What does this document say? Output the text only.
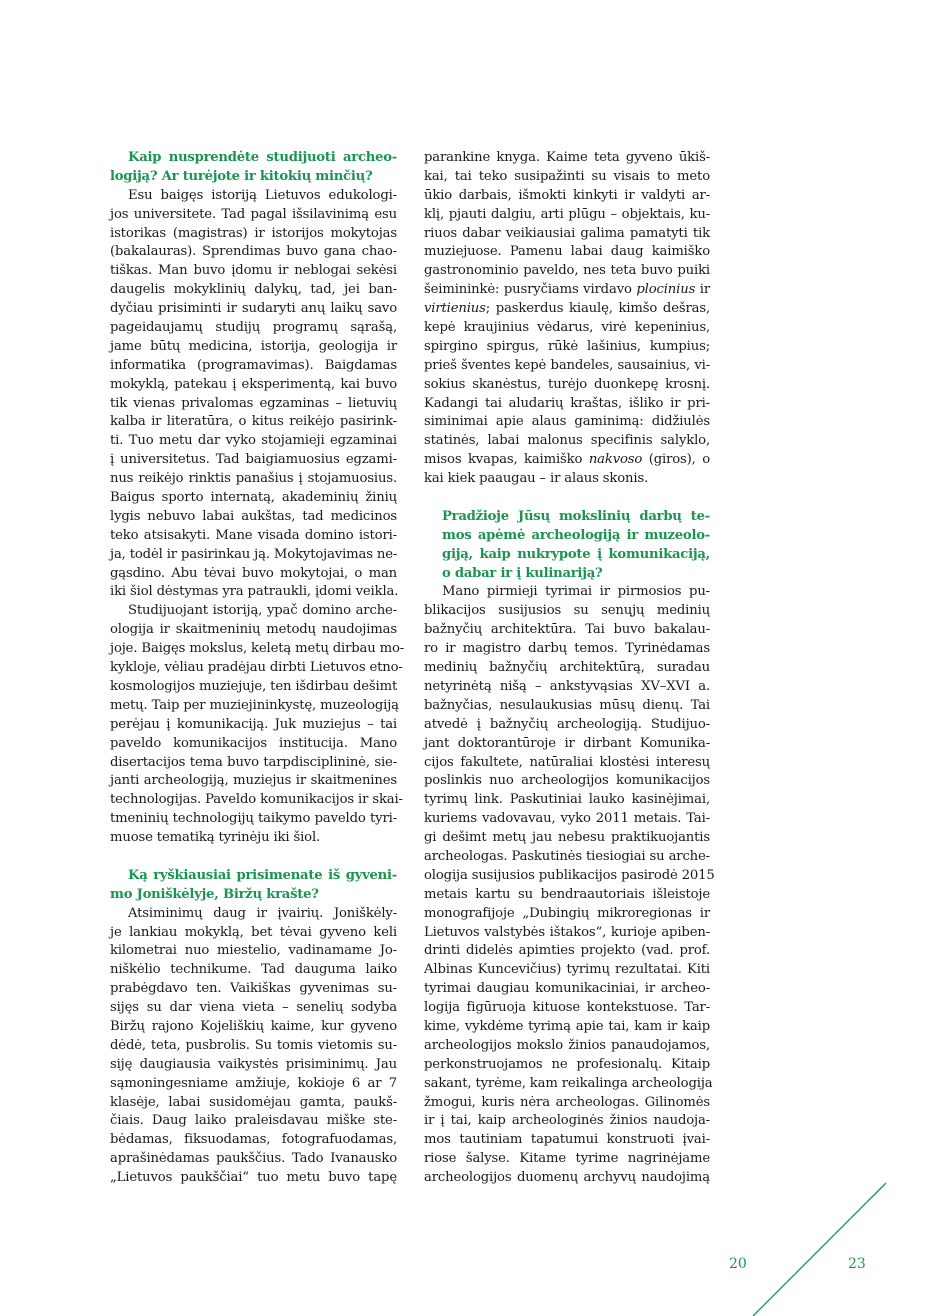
Kaip nusprendėte studijuoti archeo-
logiją? Ar turėjote ir kitokių minčių?
Esu baigęs istoriją Lietuvos edukologi-
jos universitete. Tad pagal išsilavinimą esu
istorikas (magistras) ir istorijos mokytojas
(bakalauras). Sprendimas buvo gana chao-
tiškas. Man buvo įdomu ir neblogai sekėsi
daugelis mokyklinių dalykų, tad, jei ban-
dyčiau prisiminti ir sudaryti anų laikų savo
pageidaujamų studijų programų sąrašą,
jame būtų medicina, istorija, geologija ir
informatika (programavimas). Baigdamas
mokyklą, patekau į eksperimentą, kai buvo
tik vienas privalomas egzaminas – lietuvių
kalba ir literatūra, o kitus reikėjo pasirink-
ti. Tuo metu dar vyko stojamieji egzaminai
į universitetus. Tad baigiamuosius egzami-
nus reikėjo rinktis panašius į stojamuosius.
Baigus sporto internatą, akademinių žinių
lygis nebuvo labai aukštas, tad medicinos
teko atsisakyti. Mane visada domino istori-
ja, todėl ir pasirinkau ją. Mokytojavimas ne-
gąsdino. Abu tėvai buvo mokytojai, o man
iki šiol dėstymas yra patraukli, įdomi veikla.
Studijuojant istoriją, ypač domino arche-
ologija ir skaitmeninių metodų naudojimas
joje. Baigęs mokslus, keletą metų dirbau mo-
kykloje, vėliau pradėjau dirbti Lietuvos etno-
kosmologijos muziejuje, ten išdirbau dešimt
metų. Taip per muziejininkystę, muzeologiją
perėjau į komunikaciją. Juk muziejus – tai
paveldo komunikacijos institucija. Mano
disertacijos tema buvo tarpdisciplininė, sie-
janti archeologiją, muziejus ir skaitmenines
technologijas. Paveldo komunikacijos ir skai-
tmeninių technologijų taikymo paveldo tyri-
muose tematiką tyrinėju iki šiol.
Ką ryškiausiai prisimenate iš gyveni-
mo Joniškėlyje, Biržų krašte?
Atsiminimų daug ir įvairių. Joniškėly-
je lankiau mokyklą, bet tėvai gyveno keli
kilometrai nuo miestelio, vadinamame Jo-
niškėlio technikume. Tad dauguma laiko
prabėgdavo ten. Vaikiškas gyvenimas su-
sijęs su dar viena vieta – senelių sodyba
Biržų rajono Kojeliškių kaime, kur gyveno
dėdė, teta, pusbrolis. Su tomis vietomis su-
siję daugiausia vaikystės prisiminimų. Jau
sąmoningesniame amžiuje, kokioje 6 ar 7
klasėje, labai susidomėjau gamta, paukš-
čiais. Daug laiko praleisdavau miške ste-
bėdamas, fiksuodamas, fotografuodamas,
aprašinėdamas paukščius. Tado Ivanausko
„Lietuvos paukščiai“ tuo metu buvo tapę
parankine knyga. Kaime teta gyveno ūkiš-
kai, tai teko susipažinti su visais to meto
ūkio darbais, išmokti kinkyti ir valdyti ar-
klį, pjauti dalgiu, arti plūgu – objektais, ku-
riuos dabar veikiausiai galima pamatyti tik
muziejuose. Pamenu labai daug kaimiško
gastronominio paveldo, nes teta buvo puiki
šeimininkė: pusryčiams virdavo plocinius ir
virtienius; paskerdus kiaulę, kimšo dešras,
kepė kraujinius vėdarus, virė kepeninius,
spirgino spirgus, rūkė lašinius, kumpius;
prieš šventes kepė bandeles, sausainius, vi-
sokius skanėstus, turėjo duonkepę krosnį.
Kadangi tai aludarių kraštas, išliko ir pri-
siminimai apie alaus gaminimą: didžiulės
statinės, labai malonus specifinis salyklo,
misos kvapas, kaimiško nakvoso (giros), o
kai kiek paaugau – ir alaus skonis.
Pradžioje Jūsų mokslinių darbų te-
mos apėmė archeologiją ir muzeolo-
giją, kaip nukrypote į komunikaciją,
o dabar ir į kulinariją?
Mano pirmieji tyrimai ir pirmosios pu-
blikacijos susijusios su senųjų medinių
bažnyčių architektūra. Tai buvo bakalau-
ro ir magistro darbų temos. Tyrinėdamas
medinių bažnyčių architektūrą, suradau
netyrinėtą nišą – ankstyvąsias XV–XVI a.
bažnyčias, nesulaukusias mūsų dienų. Tai
atvedė į bažnyčių archeologiją. Studijuo-
jant doktorantūroje ir dirbant Komunika-
cijos fakultete, natūraliai klostėsi interesų
poslinkis nuo archeologijos komunikacijos
tyrimų link. Paskutiniai lauko kasinėjimai,
kuriems vadovavau, vyko 2011 metais. Tai-
gi dešimt metų jau nebesu praktikuojantis
archeologas. Paskutinės tiesiogiai su arche-
ologija susijusios publikacijos pasirodė 2015
metais kartu su bendraautoriais išleistoje
monografijoje „Dubingių mikroregionas ir
Lietuvos valstybės ištakos“, kurioje apiben-
drinti didelės apimties projekto (vad. prof.
Albinas Kuncevičius) tyrimų rezultatai. Kiti
tyrimai daugiau komunikaciniai, ir archeo-
logija figūruoja kituose kontekstuose. Tar-
kime, vykdėme tyrimą apie tai, kam ir kaip
archeologijos mokslo žinios panaudojamos,
perkonstruojamos ne profesionalų. Kitaip
sakant, tyrėme, kam reikalinga archeologija
žmogui, kuris nėra archeologas. Gilinomės
ir į tai, kaip archeologinės žinios naudoja-
mos tautiniam tapatumui konstruoti įvai-
riose šalyse. Kitame tyrime nagrinėjame
archeologijos duomenų archyvų naudojimą
20	23
